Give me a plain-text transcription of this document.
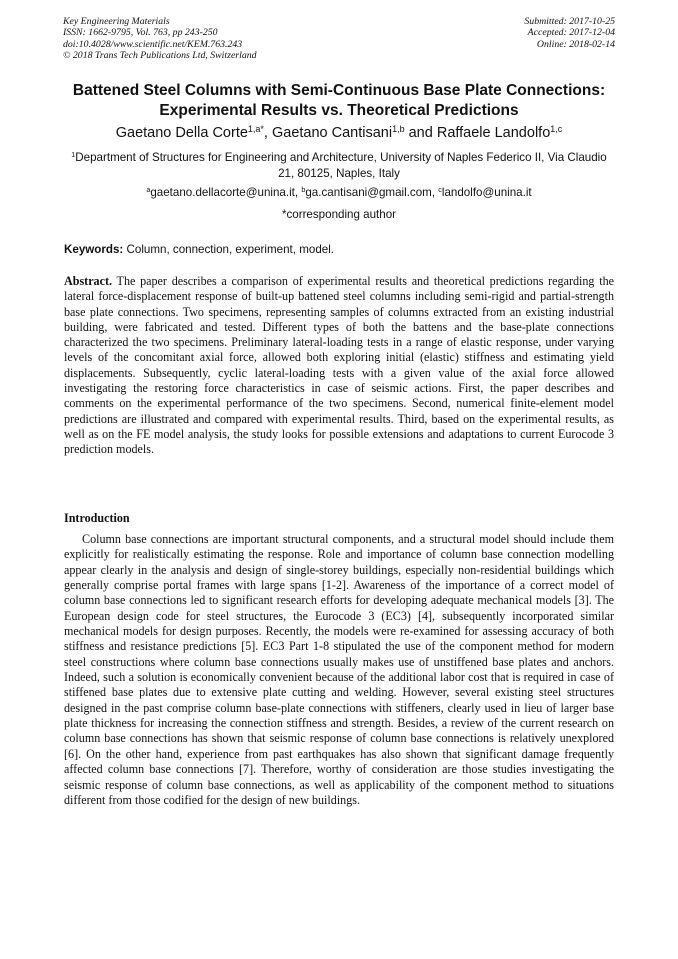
Key Engineering Materials
ISSN: 1662-9795, Vol. 763, pp 243-250
doi:10.4028/www.scientific.net/KEM.763.243
© 2018 Trans Tech Publications Ltd, Switzerland
Submitted: 2017-10-25
Accepted: 2017-12-04
Online: 2018-02-14
Battened Steel Columns with Semi-Continuous Base Plate Connections:
Experimental Results vs. Theoretical Predictions
Gaetano Della Corte$^{1,a*}$, Gaetano Cantisani$^{1,b}$ and Raffaele Landolfo$^{1,c}$
$^1$Department of Structures for Engineering and Architecture, University of Naples Federico II, Via Claudio 21, 80125, Naples, Italy
$^a$gaetano.dellacorte@unina.it, $^b$ga.cantisani@gmail.com, $^c$landolfo@unina.it
*corresponding author
Keywords: Column, connection, experiment, model.
Abstract. The paper describes a comparison of experimental results and theoretical predictions regarding the lateral force-displacement response of built-up battened steel columns including semi-rigid and partial-strength base plate connections. Two specimens, representing samples of columns extracted from an existing industrial building, were fabricated and tested. Different types of both the battens and the base-plate connections characterized the two specimens. Preliminary lateral-loading tests in a range of elastic response, under varying levels of the concomitant axial force, allowed both exploring initial (elastic) stiffness and estimating yield displacements. Subsequently, cyclic lateral-loading tests with a given value of the axial force allowed investigating the restoring force characteristics in case of seismic actions. First, the paper describes and comments on the experimental performance of the two specimens. Second, numerical finite-element model predictions are illustrated and compared with experimental results. Third, based on the experimental results, as well as on the FE model analysis, the study looks for possible extensions and adaptations to current Eurocode 3 prediction models.
Introduction
Column base connections are important structural components, and a structural model should include them explicitly for realistically estimating the response. Role and importance of column base connection modelling appear clearly in the analysis and design of single-storey buildings, especially non-residential buildings which generally comprise portal frames with large spans [1-2]. Awareness of the importance of a correct model of column base connections led to significant research efforts for developing adequate mechanical models [3]. The European design code for steel structures, the Eurocode 3 (EC3) [4], subsequently incorporated similar mechanical models for design purposes. Recently, the models were re-examined for assessing accuracy of both stiffness and resistance predictions [5]. EC3 Part 1-8 stipulated the use of the component method for modern steel constructions where column base connections usually makes use of unstiffened base plates and anchors. Indeed, such a solution is economically convenient because of the additional labor cost that is required in case of stiffened base plates due to extensive plate cutting and welding. However, several existing steel structures designed in the past comprise column base-plate connections with stiffeners, clearly used in lieu of larger base plate thickness for increasing the connection stiffness and strength. Besides, a review of the current research on column base connections has shown that seismic response of column base connections is relatively unexplored [6]. On the other hand, experience from past earthquakes has also shown that significant damage frequently affected column base connections [7]. Therefore, worthy of consideration are those studies investigating the seismic response of column base connections, as well as applicability of the component method to situations different from those codified for the design of new buildings.
